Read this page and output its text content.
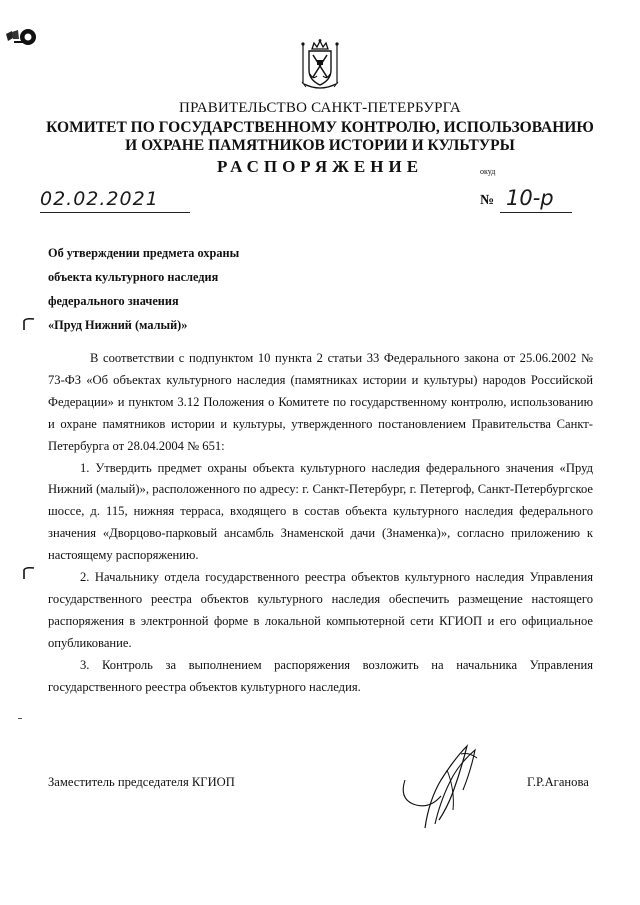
ПРАВИТЕЛЬСТВО САНКТ-ПЕТЕРБУРГА
КОМИТЕТ ПО ГОСУДАРСТВЕННОМУ КОНТРОЛЮ, ИСПОЛЬЗОВАНИЮ
И ОХРАНЕ ПАМЯТНИКОВ ИСТОРИИ И КУЛЬТУРЫ
РАСПОРЯЖЕНИЕ	окуд
02.02.2021	№ 10-р
Об утверждении предмета охраны
объекта культурного наследия
федерального значения
«Пруд Нижний (малый)»

В соответствии с подпунктом 10 пункта 2 статьи 33 Федерального закона от 25.06.2002 № 73-ФЗ «Об объектах культурного наследия (памятниках истории и культуры) народов Российской Федерации» и пунктом 3.12 Положения о Комитете по государственному контролю, использованию и охране памятников истории и культуры, утвержденного постановлением Правительства Санкт-Петербурга от 28.04.2004 № 651:

1. Утвердить предмет охраны объекта культурного наследия федерального значения «Пруд Нижний (малый)», расположенного по адресу: г. Санкт-Петербург, г. Петергоф, Санкт-Петербургское шоссе, д. 115, нижняя терраса, входящего в состав объекта культурного наследия федерального значения «Дворцово-парковый ансамбль Знаменской дачи (Знаменка)», согласно приложению к настоящему распоряжению.

2. Начальнику отдела государственного реестра объектов культурного наследия Управления государственного реестра объектов культурного наследия обеспечить размещение настоящего распоряжения в электронной форме в локальной компьютерной сети КГИОП и его официальное опубликование.

3. Контроль за выполнением распоряжения возложить на начальника Управления государственного реестра объектов культурного наследия.

Заместитель председателя КГИОП	Г.Р.Аганова
